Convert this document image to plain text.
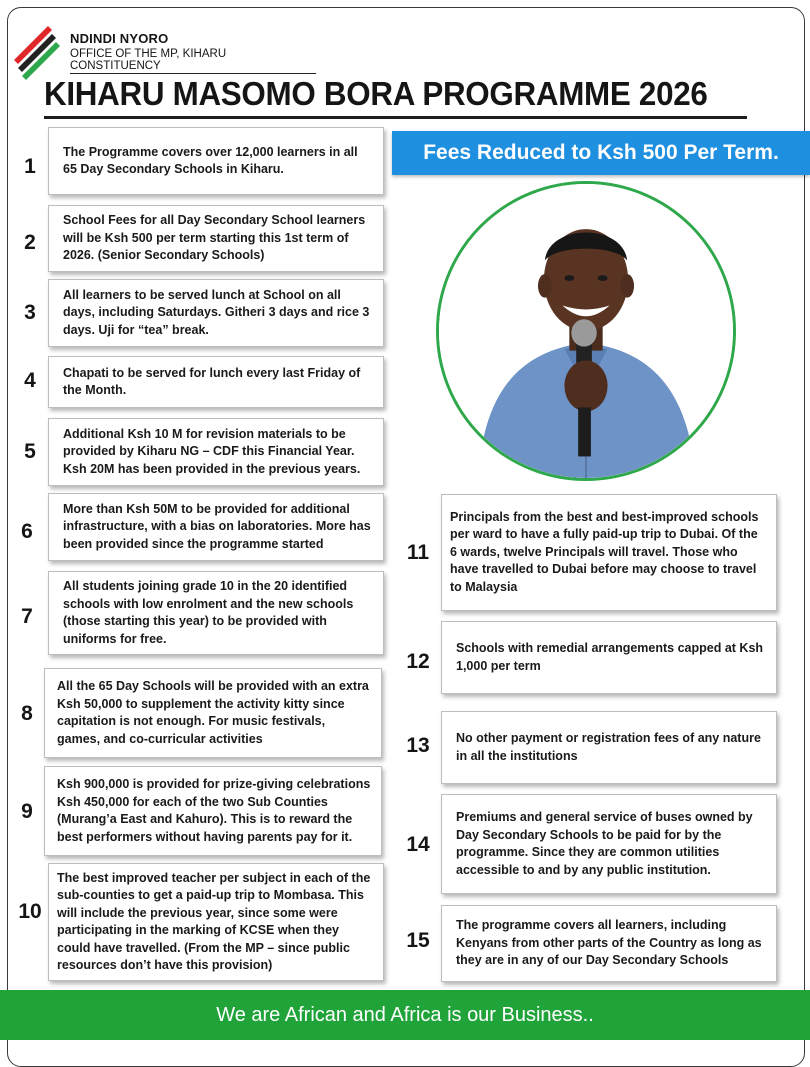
NDINDI NYORO
OFFICE OF THE MP, KIHARU CONSTITUENCY
KIHARU MASOMO BORA PROGRAMME 2026
Fees Reduced to Ksh 500 Per Term.
1
The Programme covers over 12,000 learners in all 65 Day Secondary Schools in Kiharu.
2
School Fees for all Day Secondary School learners will be Ksh 500 per term starting this 1st term of 2026. (Senior Secondary Schools)
3
All learners to be served lunch at School on all days, including Saturdays. Githeri 3 days and rice 3 days. Uji for “tea” break.
4	Chapati to be served for lunch every last Friday of the Month.
5
Additional Ksh 10 M for revision materials to be provided by Kiharu NG – CDF this Financial Year. Ksh 20M has been provided in the previous years.
6
More than Ksh 50M to be provided for additional infrastructure, with a bias on laboratories. More has been provided since the programme started
7
All students joining grade 10 in the 20 identified schools with low enrolment and the new schools (those starting this year) to be provided with uniforms for free.
8
All the 65 Day Schools will be provided with an extra Ksh 50,000 to supplement the activity kitty since capitation is not enough. For music festivals, games, and co-curricular activities
9
Ksh 900,000 is provided for prize-giving celebrations Ksh 450,000 for each of the two Sub Counties (Murang’a East and Kahuro). This is to reward the best performers without having parents pay for it.
10
The best improved teacher per subject in each of the sub-counties to get a paid-up trip to Mombasa. This will include the previous year, since some were participating in the marking of KCSE when they could have travelled. (From the MP – since public resources don’t have this provision)
11
Principals from the best and best-improved schools per ward to have a fully paid-up trip to Dubai. Of the 6 wards, twelve Principals will travel. Those who have travelled to Dubai before may choose to travel to Malaysia
12
Schools with remedial arrangements capped at Ksh 1,000 per term
13	No other payment or registration fees of any nature in all the institutions
14
Premiums and general service of buses owned by Day Secondary Schools to be paid for by the programme. Since they are common utilities accessible to and by any public institution.
15
The programme covers all learners, including Kenyans from other parts of the Country as long as they are in any of our Day Secondary Schools
We are African and Africa is our Business..
